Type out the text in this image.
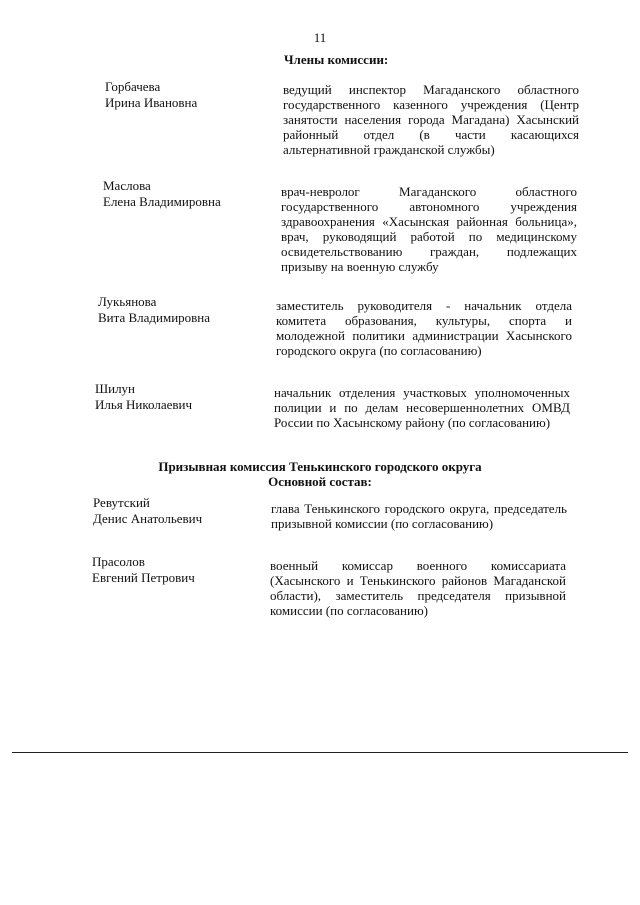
11
Члены комиссии:
Горбачева
Ирина Ивановна
ведущий инспектор Магаданского областного государственного казенного учреждения (Центр занятости населения города Магадана) Хасынский районный отдел (в части касающихся альтернативной гражданской службы)
Маслова
Елена Владимировна
врач-невролог Магаданского областного государственного автономного учреждения здравоохранения «Хасынская районная больница», врач, руководящий работой по медицинскому освидетельствованию граждан, подлежащих призыву на военную службу
Лукьянова
Вита Владимировна
заместитель руководителя - начальник отдела комитета образования, культуры, спорта и молодежной политики администрации Хасынского городского округа (по согласованию)
Шилун
Илья Николаевич
начальник отделения участковых уполномоченных полиции и по делам несовершеннолетних ОМВД России по Хасынскому району (по согласованию)
Призывная комиссия Тенькинского городского округа
Основной состав:
Ревутский
Денис Анатольевич
глава Тенькинского городского округа, председатель призывной комиссии (по согласованию)
Прасолов
Евгений Петрович
военный комиссар военного комиссариата (Хасынского и Тенькинского районов Магаданской области), заместитель председателя призывной комиссии (по согласованию)
